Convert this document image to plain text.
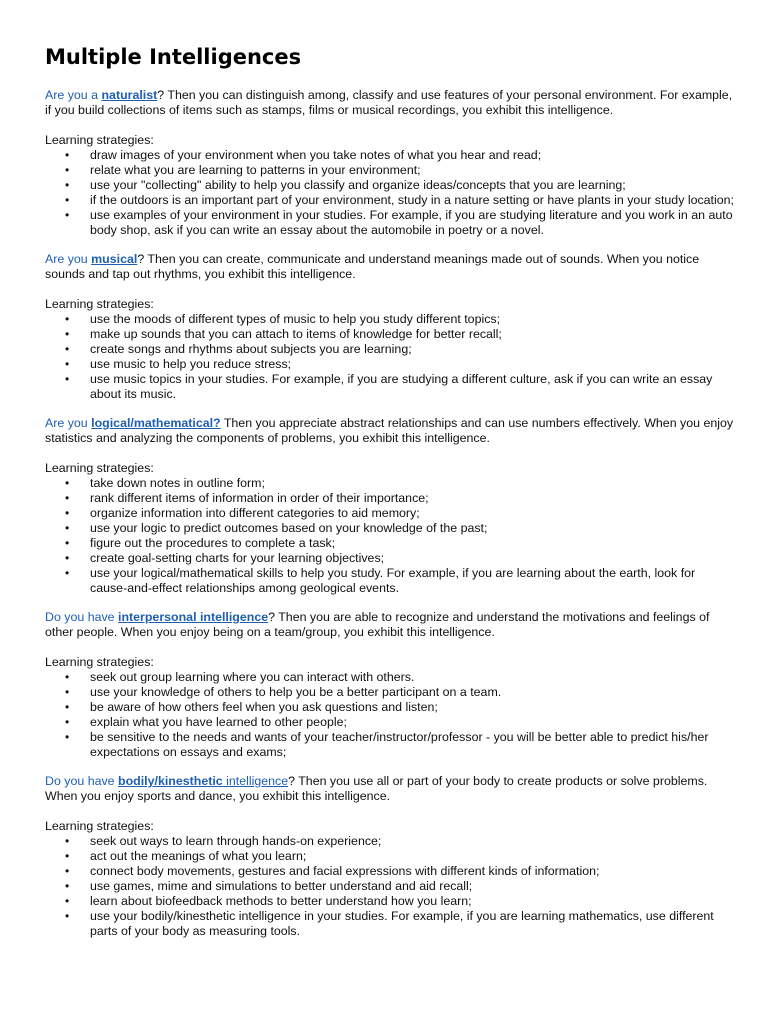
Multiple Intelligences

Are you a naturalist? Then you can distinguish among, classify and use features of your personal environment. For example, if you build collections of items such as stamps, films or musical recordings, you exhibit this intelligence.

Learning strategies:

• draw images of your environment when you take notes of what you hear and read;
• relate what you are learning to patterns in your environment;
• use your "collecting" ability to help you classify and organize ideas/concepts that you are learning;
• if the outdoors is an important part of your environment, study in a nature setting or have plants in your study location;
• use examples of your environment in your studies. For example, if you are studying literature and you work in an auto body shop, ask if you can write an essay about the automobile in poetry or a novel.

Are you musical? Then you can create, communicate and understand meanings made out of sounds. When you notice sounds and tap out rhythms, you exhibit this intelligence.

Learning strategies:

• use the moods of different types of music to help you study different topics;
• make up sounds that you can attach to items of knowledge for better recall;
• create songs and rhythms about subjects you are learning;
• use music to help you reduce stress;
• use music topics in your studies. For example, if you are studying a different culture, ask if you can write an essay about its music.

Are you logical/mathematical? Then you appreciate abstract relationships and can use numbers effectively. When you enjoy statistics and analyzing the components of problems, you exhibit this intelligence.

Learning strategies:

• take down notes in outline form;
• rank different items of information in order of their importance;
• organize information into different categories to aid memory;
• use your logic to predict outcomes based on your knowledge of the past;
• figure out the procedures to complete a task;
• create goal-setting charts for your learning objectives;
• use your logical/mathematical skills to help you study. For example, if you are learning about the earth, look for cause-and-effect relationships among geological events.

Do you have interpersonal intelligence? Then you are able to recognize and understand the motivations and feelings of other people. When you enjoy being on a team/group, you exhibit this intelligence.

Learning strategies:

• seek out group learning where you can interact with others.
• use your knowledge of others to help you be a better participant on a team.
• be aware of how others feel when you ask questions and listen;
• explain what you have learned to other people;
• be sensitive to the needs and wants of your teacher/instructor/professor - you will be better able to predict his/her expectations on essays and exams;

Do you have bodily/kinesthetic intelligence? Then you use all or part of your body to create products or solve problems. When you enjoy sports and dance, you exhibit this intelligence.

Learning strategies:

• seek out ways to learn through hands-on experience;
• act out the meanings of what you learn;
• connect body movements, gestures and facial expressions with different kinds of information;
• use games, mime and simulations to better understand and aid recall;
• learn about biofeedback methods to better understand how you learn;
• use your bodily/kinesthetic intelligence in your studies. For example, if you are learning mathematics, use different parts of your body as measuring tools.
